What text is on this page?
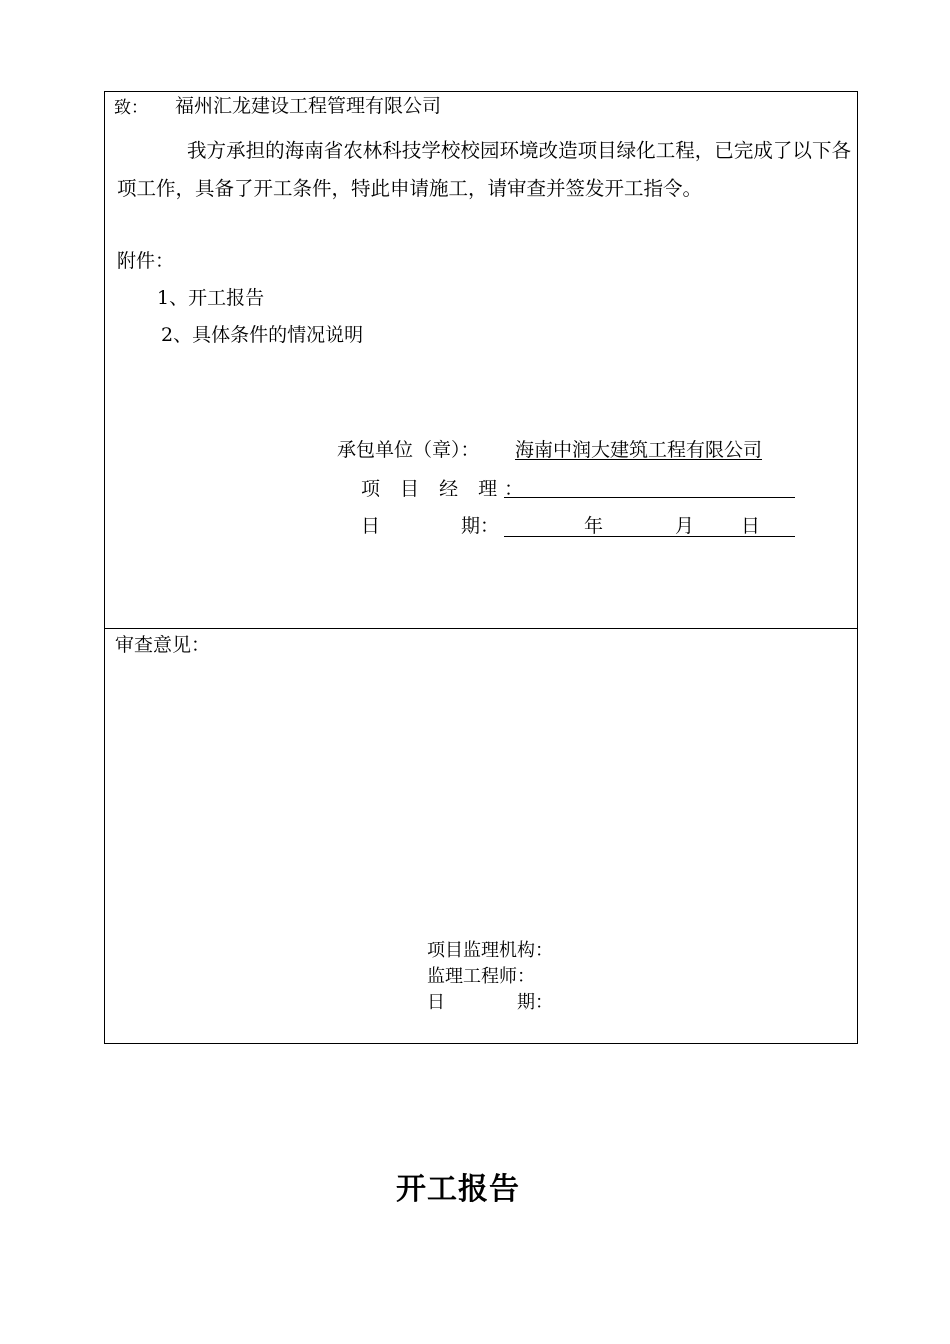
致： 福州汇龙建设工程管理有限公司
我方承担的海南省农林科技学校校园环境改造项目绿化工程，已完成了以下各项工作，具备了开工条件，特此申请施工，请审查并签发开工指令。
附件：
1、开工报告
2、具体条件的情况说明
承包单位（章）： 海南中润大建筑工程有限公司
项 目 经 理：
日	期：	年	月 日
审查意见：
项目监理机构：
监理工程师：
日	期：
开工报告
